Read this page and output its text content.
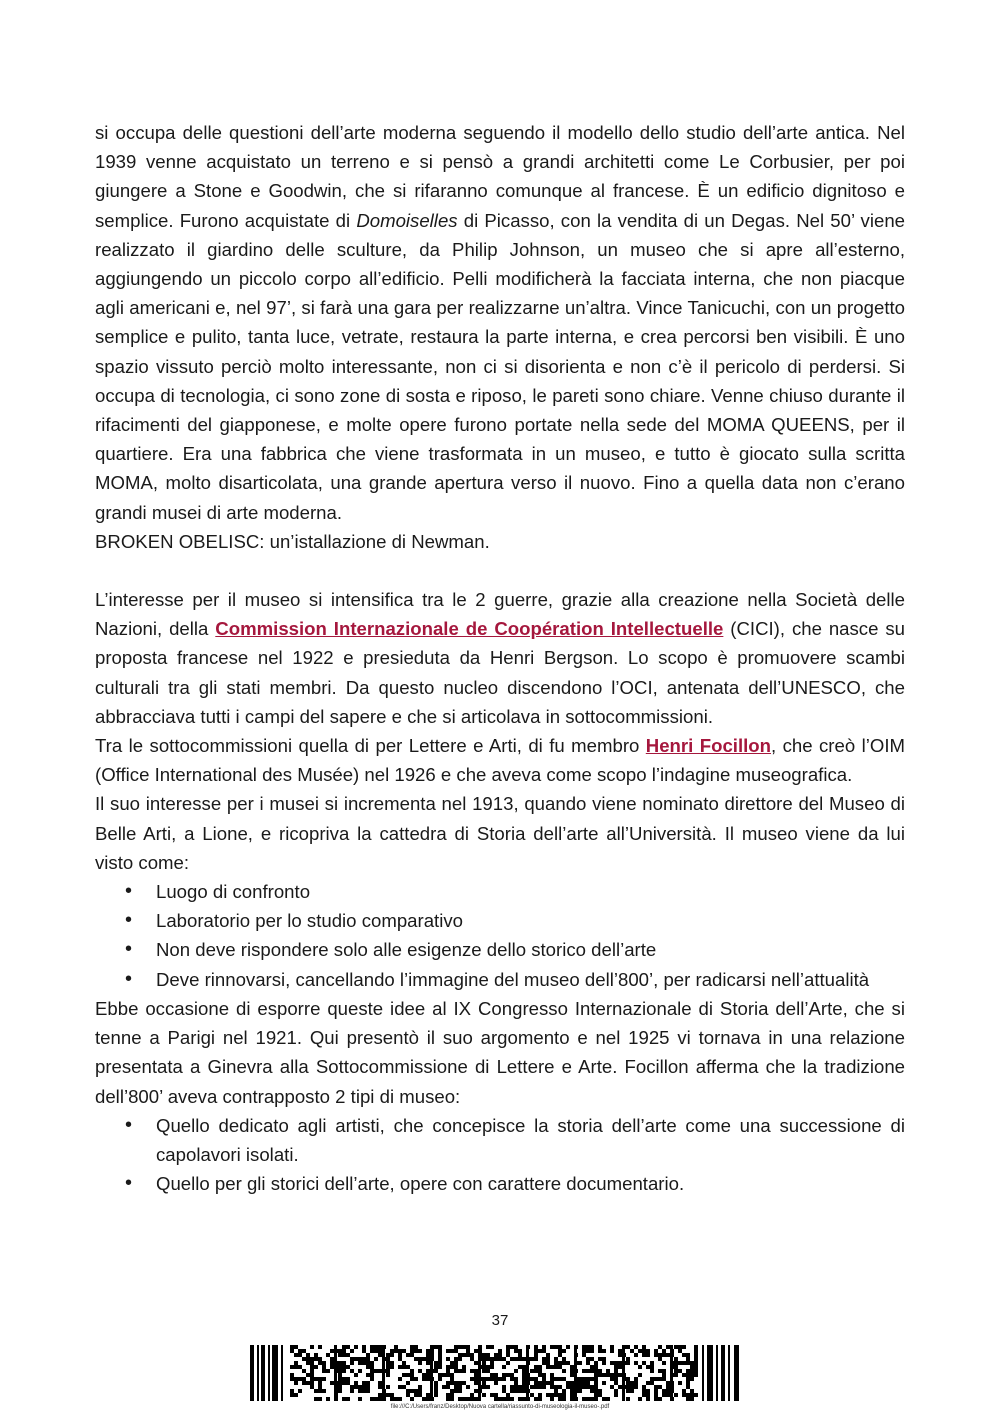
si occupa delle questioni dell’arte moderna seguendo il modello dello studio dell’arte antica. Nel 1939 venne acquistato un terreno e si pensò a grandi architetti come Le Corbusier, per poi giungere a Stone e Goodwin, che si rifaranno comunque al francese. È un edificio dignitoso e semplice. Furono acquistate di Domoiselles di Picasso, con la vendita di un Degas. Nel 50’ viene realizzato il giardino delle sculture, da Philip Johnson, un museo che si apre all’esterno, aggiungendo un piccolo corpo all’edificio. Pelli modificherà la facciata interna, che non piacque agli americani e, nel 97’, si farà una gara per realizzarne un’altra. Vince Tanicuchi, con un progetto semplice e pulito, tanta luce, vetrate, restaura la parte interna, e crea percorsi ben visibili. È uno spazio vissuto perciò molto interessante, non ci si disorienta e non c’è il pericolo di perdersi. Si occupa di tecnologia, ci sono zone di sosta e riposo, le pareti sono chiare. Venne chiuso durante il rifacimenti del giapponese, e molte opere furono portate nella sede del MOMA QUEENS, per il quartiere. Era una fabbrica che viene trasformata in un museo, e tutto è giocato sulla scritta MOMA, molto disarticolata, una grande apertura verso il nuovo. Fino a quella data non c’erano grandi musei di arte moderna.

BROKEN OBELISC: un’istallazione di Newman.

L’interesse per il museo si intensifica tra le 2 guerre, grazie alla creazione nella Società delle Nazioni, della Commission Internazionale de Coopération Intellectuelle (CICI), che nasce su proposta francese nel 1922 e presieduta da Henri Bergson. Lo scopo è promuovere scambi culturali tra gli stati membri. Da questo nucleo discendono l’OCI, antenata dell’UNESCO, che abbracciava tutti i campi del sapere e che si articolava in sottocommissioni.

Tra le sottocommissioni quella di per Lettere e Arti, di fu membro Henri Focillon, che creò l’OIM (Office International des Musée) nel 1926 e che aveva come scopo l’indagine museografica.

Il suo interesse per i musei si incrementa nel 1913, quando viene nominato direttore del Museo di Belle Arti, a Lione, e ricopriva la cattedra di Storia dell’arte all’Università. Il museo viene da lui visto come:

• Luogo di confronto
• Laboratorio per lo studio comparativo
• Non deve rispondere solo alle esigenze dello storico dell’arte
• Deve rinnovarsi, cancellando l’immagine del museo dell’800’, per radicarsi nell’attualità

Ebbe occasione di esporre queste idee al IX Congresso Internazionale di Storia dell’Arte, che si tenne a Parigi nel 1921. Qui presentò il suo argomento e nel 1925 vi tornava in una relazione presentata a Ginevra alla Sottocommissione di Lettere e Arte. Focillon afferma che la tradizione dell’800’ aveva contrapposto 2 tipi di museo:

• Quello dedicato agli artisti, che concepisce la storia dell’arte come una successione di capolavori isolati.
• Quello per gli storici dell’arte, opere con carattere documentario.
37
file:///C:/Users/franz/Desktop/Nuova cartella/riassunto-di-museologia-il-museo-.pdf
